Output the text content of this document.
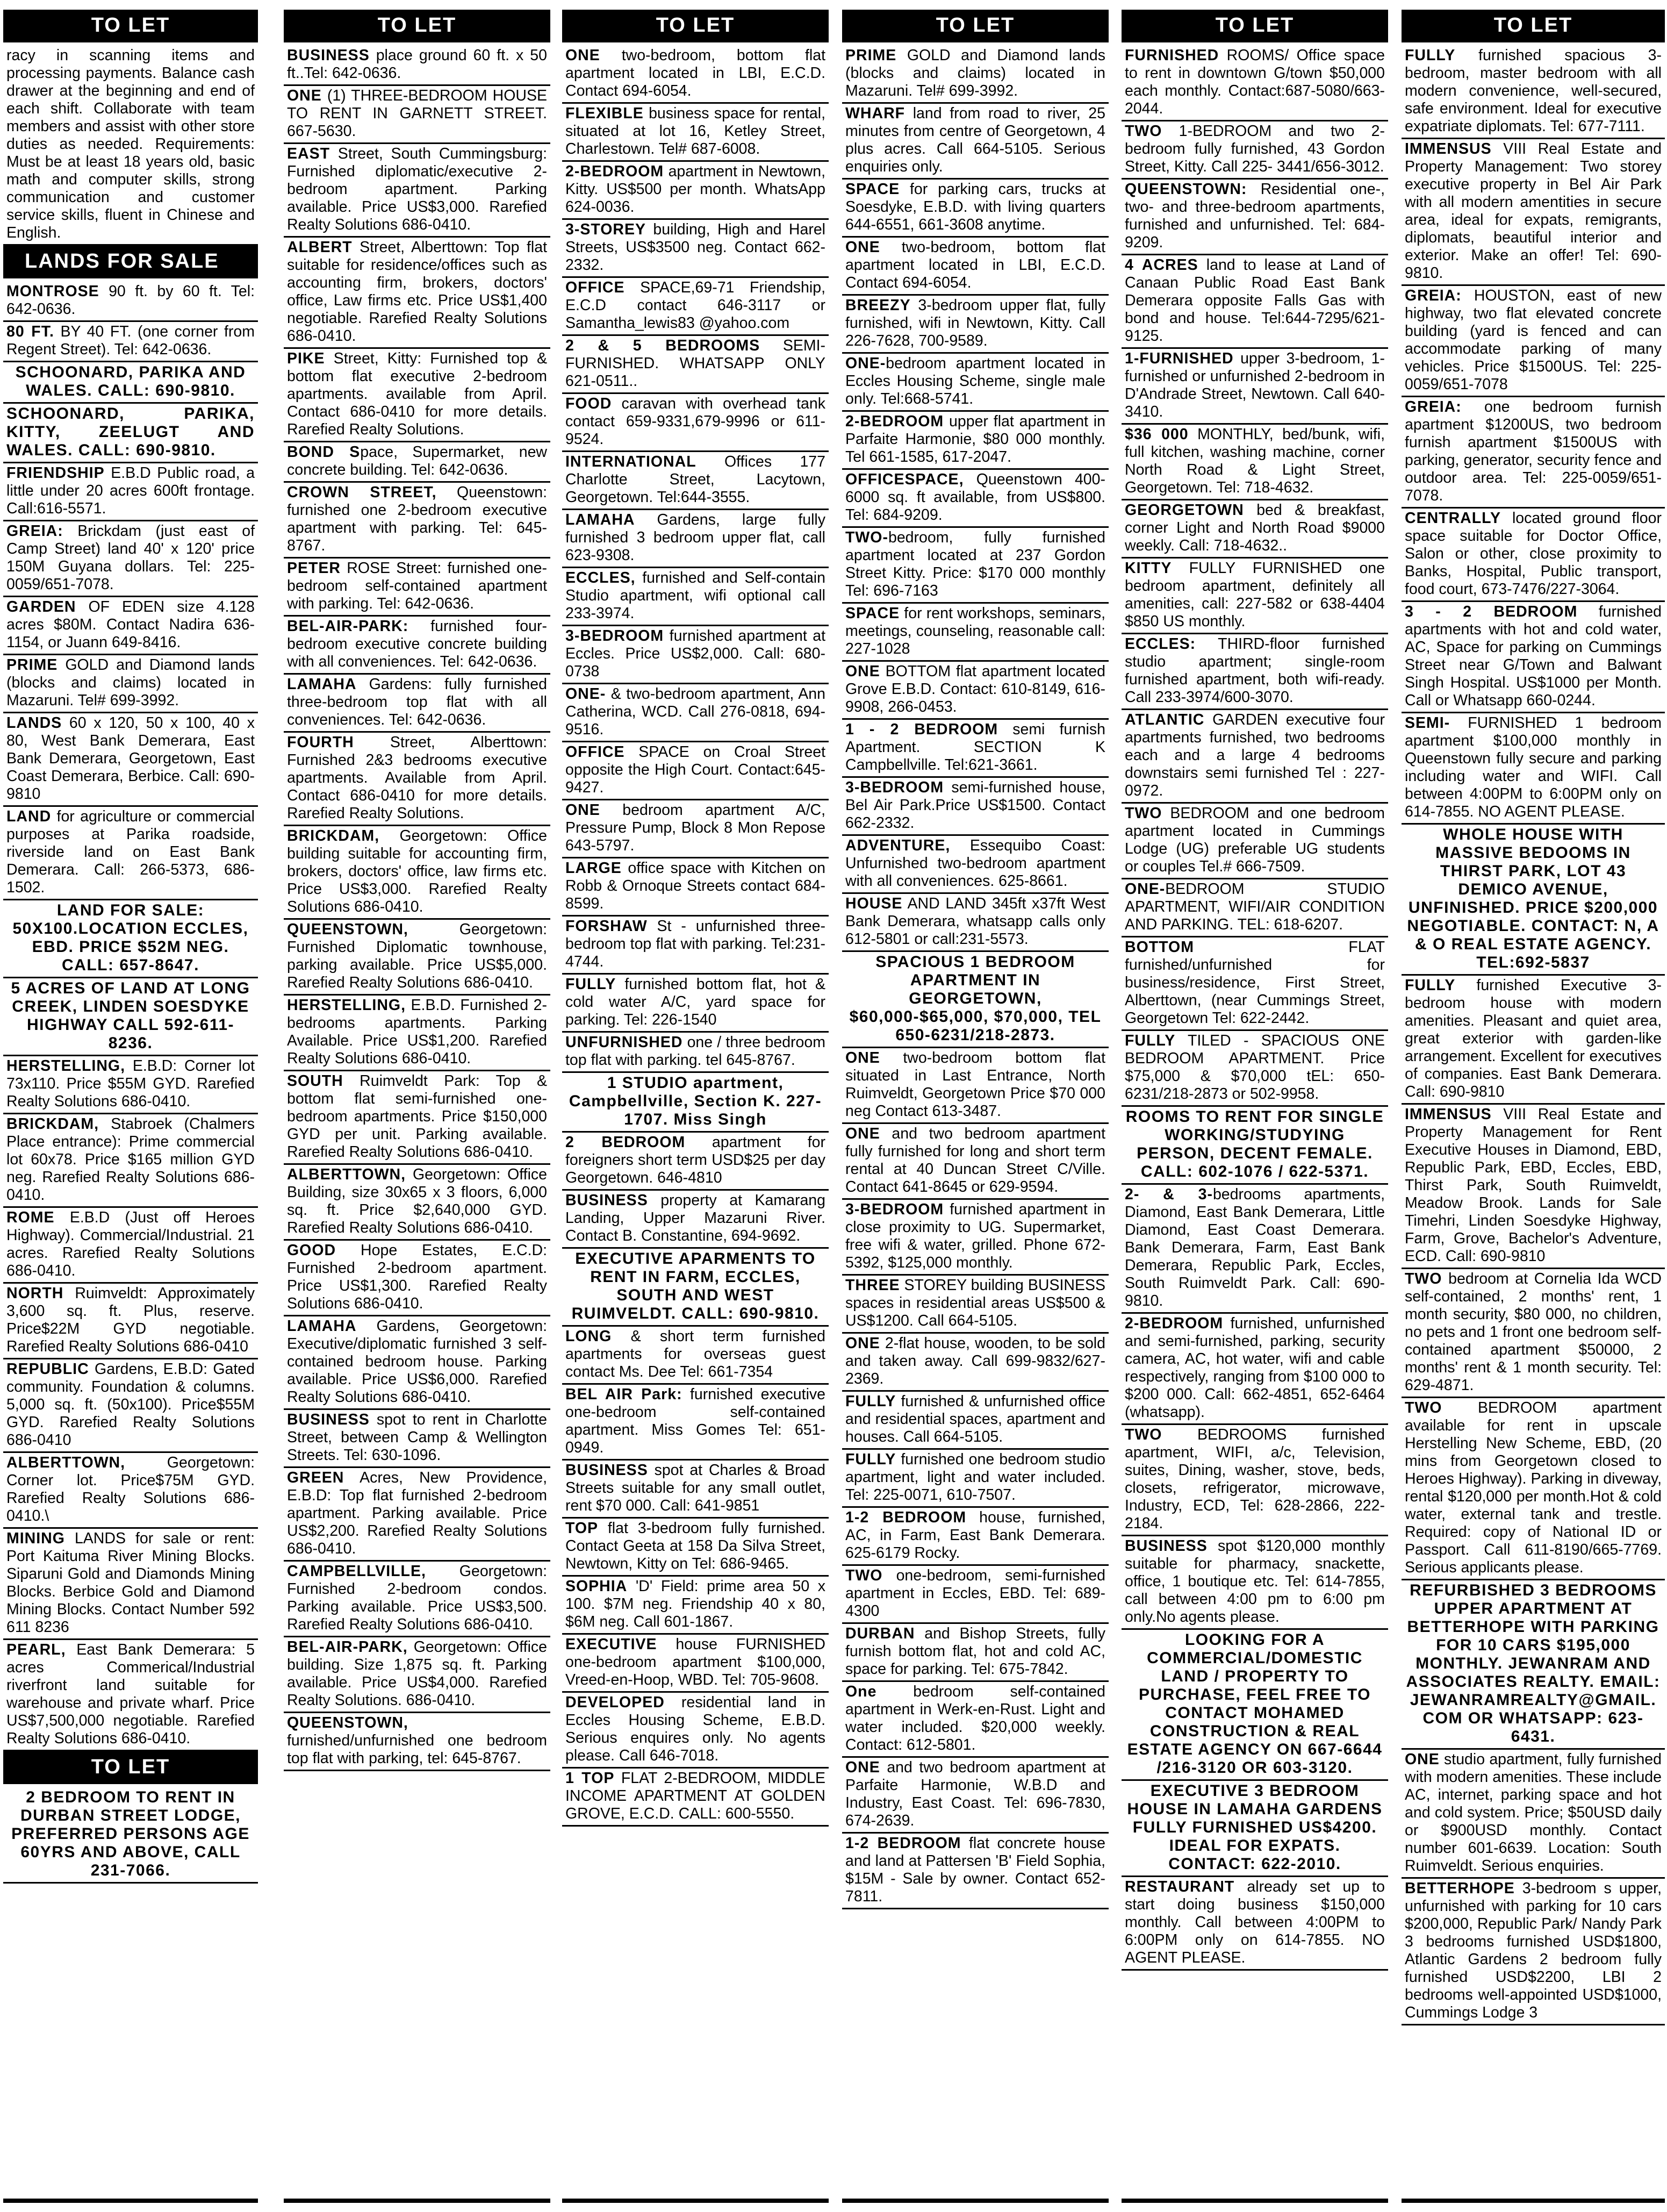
TO LET
racy in scanning items and processing payments. Balance cash drawer at the beginning and end of each shift. Collaborate with team members and assist with other store duties as needed. Requirements: Must be at least 18 years old, basic math and computer skills, strong communication and customer service skills, fluent in Chinese and English.
LANDS FOR SALE
MONTROSE 90 ft. by 60 ft. Tel: 642-0636.
80 FT. BY 40 FT. (one corner from Regent Street). Tel: 642-0636.
SCHOONARD, PARIKA AND WALES. CALL: 690-9810.
SCHOONARD, PARIKA, KITTY, ZEELUGT AND WALES. CALL: 690-9810.
FRIENDSHIP E.B.D Public road, a little under 20 acres 600ft frontage. Call:616-5571.
GREIA: Brickdam (just east of Camp Street) land 40' x 120' price 150M Guyana dollars. Tel: 225-0059/651-7078.
GARDEN OF EDEN size 4.128 acres $80M. Contact Nadira 636-1154, or Juann 649-8416.
PRIME GOLD and Diamond lands (blocks and claims) located in Mazaruni. Tel# 699-3992.
LANDS 60 x 120, 50 x 100, 40 x 80, West Bank Demerara, East Bank Demerara, Georgetown, East Coast Demerara, Berbice. Call: 690-9810
LAND for agriculture or commercial purposes at Parika roadside, riverside land on East Bank Demerara. Call: 266-5373, 686-1502.
LAND FOR SALE: 50X100.LOCATION ECCLES, EBD. PRICE $52M NEG. CALL: 657-8647.
5 ACRES OF LAND AT LONG CREEK, LINDEN SOESDYKE HIGHWAY CALL 592-611-8236.
HERSTELLING, E.B.D: Corner lot 73x110. Price $55M GYD. Rarefied Realty Solutions 686-0410.
BRICKDAM, Stabroek (Chalmers Place entrance): Prime commercial lot 60x78. Price $165 million GYD neg. Rarefied Realty Solutions 686-0410.
ROME E.B.D (Just off Heroes Highway). Commercial/Industrial. 21 acres. Rarefied Realty Solutions 686-0410.
NORTH Ruimveldt: Approximately 3,600 sq. ft. Plus, reserve. Price$22M GYD negotiable. Rarefied Realty Solutions 686-0410
REPUBLIC Gardens, E.B.D: Gated community. Foundation & columns. 5,000 sq. ft. (50x100). Price$55M GYD. Rarefied Realty Solutions 686-0410
ALBERTTOWN, Georgetown: Corner lot. Price$75M GYD. Rarefied Realty Solutions 686-0410.\
MINING LANDS for sale or rent: Port Kaituma River Mining Blocks. Siparuni Gold and Diamonds Mining Blocks. Berbice Gold and Diamond Mining Blocks. Contact Number 592 611 8236
PEARL, East Bank Demerara: 5 acres Commerical/Industrial riverfront land suitable for warehouse and private wharf. Price US$7,500,000 negotiable. Rarefied Realty Solutions 686-0410.
TO LET
2 BEDROOM TO RENT IN DURBAN STREET LODGE, PREFERRED PERSONS AGE 60YRS AND ABOVE, CALL 231-7066.
TO LET
BUSINESS place ground 60 ft. x 50 ft..Tel: 642-0636.
ONE (1) THREE-BEDROOM HOUSE TO RENT IN GARNETT STREET. 667-5630.
EAST Street, South Cummingsburg: Furnished diplomatic/executive 2-bedroom apartment. Parking available. Price US$3,000. Rarefied Realty Solutions 686-0410.
ALBERT Street, Alberttown: Top flat suitable for residence/offices such as accounting firm, brokers, doctors' office, Law firms etc. Price US$1,400 negotiable. Rarefied Realty Solutions 686-0410.
PIKE Street, Kitty: Furnished top & bottom flat executive 2-bedroom apartments. available from April. Contact 686-0410 for more details. Rarefied Realty Solutions.
BOND Space, Supermarket, new concrete building. Tel: 642-0636.
CROWN STREET, Queenstown: furnished one 2-bedroom executive apartment with parking. Tel: 645-8767.
PETER ROSE Street: furnished one-bedroom self-contained apartment with parking. Tel: 642-0636.
BEL-AIR-PARK: furnished four-bedroom executive concrete building with all conveniences. Tel: 642-0636.
LAMAHA Gardens: fully furnished three-bedroom top flat with all conveniences. Tel: 642-0636.
FOURTH Street, Alberttown: Furnished 2&3 bedrooms executive apartments. Available from April. Contact 686-0410 for more details. Rarefied Realty Solutions.
BRICKDAM, Georgetown: Office building suitable for accounting firm, brokers, doctors' office, law firms etc. Price US$3,000. Rarefied Realty Solutions 686-0410.
QUEENSTOWN, Georgetown: Furnished Diplomatic townhouse, parking available. Price US$5,000. Rarefied Realty Solutions 686-0410.
HERSTELLING, E.B.D. Furnished 2-bedrooms apartments. Parking Available. Price US$1,200. Rarefied Realty Solutions 686-0410.
SOUTH Ruimveldt Park: Top & bottom flat semi-furnished one-bedroom apartments. Price $150,000 GYD per unit. Parking available. Rarefied Realty Solutions 686-0410.
ALBERTTOWN, Georgetown: Office Building, size 30x65 x 3 floors, 6,000 sq. ft. Price $2,640,000 GYD. Rarefied Realty Solutions 686-0410.
GOOD Hope Estates, E.C.D: Furnished 2-bedroom apartment. Price US$1,300. Rarefied Realty Solutions 686-0410.
LAMAHA Gardens, Georgetown: Executive/diplomatic furnished 3 self-contained bedroom house. Parking available. Price US$6,000. Rarefied Realty Solutions 686-0410.
BUSINESS spot to rent in Charlotte Street, between Camp & Wellington Streets. Tel: 630-1096.
GREEN Acres, New Providence, E.B.D: Top flat furnished 2-bedroom apartment. Parking available. Price US$2,200. Rarefied Realty Solutions 686-0410.
CAMPBELLVILLE, Georgetown: Furnished 2-bedroom condos. Parking available. Price US$3,500. Rarefied Realty Solutions 686-0410.
BEL-AIR-PARK, Georgetown: Office building. Size 1,875 sq. ft. Parking available. Price US$4,000. Rarefied Realty Solutions. 686-0410.
QUEENSTOWN, furnished/unfurnished one bedroom top flat with parking, tel: 645-8767.
TO LET
ONE two-bedroom, bottom flat apartment located in LBI, E.C.D. Contact 694-6054.
FLEXIBLE business space for rental, situated at lot 16, Ketley Street, Charlestown. Tel# 687-6008.
2-BEDROOM apartment in Newtown, Kitty. US$500 per month. WhatsApp 624-0036.
3-STOREY building, High and Harel Streets, US$3500 neg. Contact 662-2332.
OFFICE SPACE,69-71 Friendship, E.C.D contact 646-3117 or Samantha_lewis83 @yahoo.com
2 & 5 BEDROOMS SEMI-FURNISHED. WHATSAPP ONLY 621-0511..
FOOD caravan with overhead tank contact 659-9331,679-9996 or 611-9524.
INTERNATIONAL Offices 177 Charlotte Street, Lacytown, Georgetown. Tel:644-3555.
LAMAHA Gardens, large fully furnished 3 bedroom upper flat, call 623-9308.
ECCLES, furnished and Self-contain Studio apartment, wifi optional call 233-3974.
3-BEDROOM furnished apartment at Eccles. Price US$2,000. Call: 680-0738
ONE- & two-bedroom apartment, Ann Catherina, WCD. Call 276-0818, 694-9516.
OFFICE SPACE on Croal Street opposite the High Court. Contact:645-9427.
ONE bedroom apartment A/C, Pressure Pump, Block 8 Mon Repose 643-5797.
LARGE office space with Kitchen on Robb & Ornoque Streets contact 684-8599.
FORSHAW St - unfurnished three-bedroom top flat with parking. Tel:231-4744.
FULLY furnished bottom flat, hot & cold water A/C, yard space for parking. Tel: 226-1540
UNFURNISHED one / three bedroom top flat with parking. tel 645-8767.
1 STUDIO apartment, Campbellville, Section K. 227-1707. Miss Singh
2 BEDROOM apartment for foreigners short term USD$25 per day Georgetown. 646-4810
BUSINESS property at Kamarang Landing, Upper Mazaruni River. Contact B. Constantine, 694-9692.
EXECUTIVE APARMENTS TO RENT IN FARM, ECCLES, SOUTH AND WEST RUIMVELDT. CALL: 690-9810.
LONG & short term furnished apartments for overseas guest contact Ms. Dee Tel: 661-7354
BEL AIR Park: furnished executive one-bedroom self-contained apartment. Miss Gomes Tel: 651-0949.
BUSINESS spot at Charles & Broad Streets suitable for any small outlet, rent $70 000. Call: 641-9851
TOP flat 3-bedroom fully furnished. Contact Geeta at 158 Da Silva Street, Newtown, Kitty on Tel: 686-9465.
SOPHIA 'D' Field: prime area 50 x 100. $7M neg. Friendship 40 x 80, $6M neg. Call 601-1867.
EXECUTIVE house FURNISHED one-bedroom apartment $100,000, Vreed-en-Hoop, WBD. Tel: 705-9608.
DEVELOPED residential land in Eccles Housing Scheme, E.B.D. Serious enquires only. No agents please. Call 646-7018.
1 TOP FLAT 2-BEDROOM, MIDDLE INCOME APARTMENT AT GOLDEN GROVE, E.C.D. CALL: 600-5550.
TO LET
PRIME GOLD and Diamond lands (blocks and claims) located in Mazaruni. Tel# 699-3992.
WHARF land from road to river, 25 minutes from centre of Georgetown, 4 plus acres. Call 664-5105. Serious enquiries only.
SPACE for parking cars, trucks at Soesdyke, E.B.D. with living quarters 644-6551, 661-3608 anytime.
ONE two-bedroom, bottom flat apartment located in LBI, E.C.D. Contact 694-6054.
BREEZY 3-bedroom upper flat, fully furnished, wifi in Newtown, Kitty. Call 226-7628, 700-9589.
ONE-bedroom apartment located in Eccles Housing Scheme, single male only. Tel:668-5741.
2-BEDROOM upper flat apartment in Parfaite Harmonie, $80 000 monthly. Tel 661-1585, 617-2047.
OFFICESPACE, Queenstown 400-6000 sq. ft available, from US$800. Tel: 684-9209.
TWO-bedroom, fully furnished apartment located at 237 Gordon Street Kitty. Price: $170 000 monthly Tel: 696-7163
SPACE for rent workshops, seminars, meetings, counseling, reasonable call: 227-1028
ONE BOTTOM flat apartment located Grove E.B.D. Contact: 610-8149, 616-9908, 266-0453.
1 - 2 BEDROOM semi furnish Apartment. SECTION K Campbellville. Tel:621-3661.
3-BEDROOM semi-furnished house, Bel Air Park.Price US$1500. Contact 662-2332.
ADVENTURE, Essequibo Coast: Unfurnished two-bedroom apartment with all conveniences. 625-8661.
HOUSE AND LAND 345ft x37ft West Bank Demerara, whatsapp calls only 612-5801 or call:231-5573.
SPACIOUS 1 BEDROOM APARTMENT IN GEORGETOWN, $60,000-$65,000, $70,000, TEL 650-6231/218-2873.
ONE two-bedroom bottom flat situated in Last Entrance, North Ruimveldt, Georgetown Price $70 000 neg Contact 613-3487.
ONE and two bedroom apartment fully furnished for long and short term rental at 40 Duncan Street C/Ville. Contact 641-8645 or 629-9594.
3-BEDROOM furnished apartment in close proximity to UG. Supermarket, free wifi & water, grilled. Phone 672-5392, $125,000 monthly.
THREE STOREY building BUSINESS spaces in residential areas US$500 & US$1200. Call 664-5105.
ONE 2-flat house, wooden, to be sold and taken away. Call 699-9832/627-2369.
FULLY furnished & unfurnished office and residential spaces, apartment and houses. Call 664-5105.
FULLY furnished one bedroom studio apartment, light and water included. Tel: 225-0071, 610-7507.
1-2 BEDROOM house, furnished, AC, in Farm, East Bank Demerara. 625-6179 Rocky.
TWO one-bedroom, semi-furnished apartment in Eccles, EBD. Tel: 689-4300
DURBAN and Bishop Streets, fully furnish bottom flat, hot and cold AC, space for parking. Tel: 675-7842.
One bedroom self-contained apartment in Werk-en-Rust. Light and water included. $20,000 weekly. Contact: 612-5801.
ONE and two bedroom apartment at Parfaite Harmonie, W.B.D and Industry, East Coast. Tel: 696-7830, 674-2639.
1-2 BEDROOM flat concrete house and land at Pattersen 'B' Field Sophia, $15M - Sale by owner. Contact 652-7811.
TO LET
FURNISHED ROOMS/ Office space to rent in downtown G/town $50,000 each monthly. Contact:687-5080/663-2044.
TWO 1-BEDROOM and two 2-bedroom fully furnished, 43 Gordon Street, Kitty. Call 225- 3441/656-3012.
QUEENSTOWN: Residential one-, two- and three-bedroom apartments, furnished and unfurnished. Tel: 684-9209.
4 ACRES land to lease at Land of Canaan Public Road East Bank Demerara opposite Falls Gas with bond and house. Tel:644-7295/621-9125.
1-FURNISHED upper 3-bedroom, 1-furnished or unfurnished 2-bedroom in D'Andrade Street, Newtown. Call 640-3410.
$36 000 MONTHLY, bed/bunk, wifi, full kitchen, washing machine, corner North Road & Light Street, Georgetown. Tel: 718-4632.
GEORGETOWN bed & breakfast, corner Light and North Road $9000 weekly. Call: 718-4632..
KITTY FULLY FURNISHED one bedroom apartment, definitely all amenities, call: 227-582 or 638-4404 $850 US monthly.
ECCLES: THIRD-floor furnished studio apartment; single-room furnished apartment, both wifi-ready. Call 233-3974/600-3070.
ATLANTIC GARDEN executive four apartments furnished, two bedrooms each and a large 4 bedrooms downstairs semi furnished Tel : 227-0972.
TWO BEDROOM and one bedroom apartment located in Cummings Lodge (UG) preferable UG students or couples Tel.# 666-7509.
ONE-BEDROOM STUDIO APARTMENT, WIFI/AIR CONDITION AND PARKING. TEL: 618-6207.
BOTTOM FLAT furnished/unfurnished for business/residence, First Street, Alberttown, (near Cummings Street, Georgetown Tel: 622-2442.
FULLY TILED - SPACIOUS ONE BEDROOM APARTMENT. Price $75,000 & $70,000 tEL: 650-6231/218-2873 or 502-9958.
ROOMS TO RENT FOR SINGLE WORKING/STUDYING PERSON, DECENT FEMALE. CALL: 602-1076 / 622-5371.
2- & 3-bedrooms apartments, Diamond, East Bank Demerara, Little Diamond, East Coast Demerara. Bank Demerara, Farm, East Bank Demerara, Republic Park, Eccles, South Ruimveldt Park. Call: 690-9810.
2-BEDROOM furnished, unfurnished and semi-furnished, parking, security camera, AC, hot water, wifi and cable respectively, ranging from $100 000 to $200 000. Call: 662-4851, 652-6464 (whatsapp).
TWO BEDROOMS furnished apartment, WIFI, a/c, Television, suites, Dining, washer, stove, beds, closets, refrigerator, microwave, Industry, ECD, Tel: 628-2866, 222-2184.
BUSINESS spot $120,000 monthly suitable for pharmacy, snackette, office, 1 boutique etc. Tel: 614-7855, call between 4:00 pm to 6:00 pm only.No agents please.
LOOKING FOR A COMMERCIAL/DOMESTIC LAND / PROPERTY TO PURCHASE, FEEL FREE TO CONTACT MOHAMED CONSTRUCTION & REAL ESTATE AGENCY ON 667-6644 /216-3120 OR 603-3120.
EXECUTIVE 3 BEDROOM HOUSE IN LAMAHA GARDENS FULLY FURNISHED US$4200. IDEAL FOR EXPATS. CONTACT: 622-2010.
RESTAURANT already set up to start doing business $150,000 monthly. Call between 4:00PM to 6:00PM only on 614-7855. NO AGENT PLEASE.
TO LET
FULLY furnished spacious 3-bedroom, master bedroom with all modern convenience, well-secured, safe environment. Ideal for executive expatriate diplomats. Tel: 677-7111.
IMMENSUS VIII Real Estate and Property Management: Two storey executive property in Bel Air Park with all modern amentities in secure area, ideal for expats, remigrants, diplomats, beautiful interior and exterior. Make an offer! Tel: 690-9810.
GREIA: HOUSTON, east of new highway, two flat elevated concrete building (yard is fenced and can accommodate parking of many vehicles. Price $1500US. Tel: 225-0059/651-7078
GREIA: one bedroom furnish apartment $1200US, two bedroom furnish apartment $1500US with parking, generator, security fence and outdoor area. Tel: 225-0059/651-7078.
CENTRALLY located ground floor space suitable for Doctor Office, Salon or other, close proximity to Banks, Hospital, Public transport, food court, 673-7476/227-3064.
3 - 2 BEDROOM furnished apartments with hot and cold water, AC, Space for parking on Cummings Street near G/Town and Balwant Singh Hospital. US$1000 per Month. Call or Whatsapp 660-0244.
SEMI- FURNISHED 1 bedroom apartment $100,000 monthly in Queenstown fully secure and parking including water and WIFI. Call between 4:00PM to 6:00PM only on 614-7855. NO AGENT PLEASE.
WHOLE HOUSE WITH MASSIVE BEDOOMS IN THIRST PARK, LOT 43 DEMICO AVENUE, UNFINISHED. PRICE $200,000 NEGOTIABLE. CONTACT: N, A & O REAL ESTATE AGENCY. TEL:692-5837
FULLY furnished Executive 3- bedroom house with modern amenities. Pleasant and quiet area, great exterior with garden-like arrangement. Excellent for executives of companies. East Bank Demerara. Call: 690-9810
IMMENSUS VIII Real Estate and Property Management for Rent Executive Houses in Diamond, EBD, Republic Park, EBD, Eccles, EBD, Thirst Park, South Ruimveldt, Meadow Brook. Lands for Sale Timehri, Linden Soesdyke Highway, Farm, Grove, Bachelor's Adventure, ECD. Call: 690-9810
TWO bedroom at Cornelia Ida WCD self-contained, 2 months' rent, 1 month security, $80 000, no children, no pets and 1 front one bedroom self-contained apartment $50000, 2 months' rent & 1 month security. Tel: 629-4871.
TWO BEDROOM apartment available for rent in upscale Herstelling New Scheme, EBD, (20 mins from Georgetown closed to Heroes Highway). Parking in diveway, rental $120,000 per month.Hot & cold water, external tank and trestle. Required: copy of National ID or Passport. Call 611-8190/665-7769. Serious applicants please.
REFURBISHED 3 BEDROOMS UPPER APARTMENT AT BETTERHOPE WITH PARKING FOR 10 CARS $195,000 MONTHLY. JEWANRAM AND ASSOCIATES REALTY. EMAIL: JEWANRAMREALTY@GMAIL.COM OR WHATSAPP: 623-6431.
ONE studio apartment, fully furnished with modern amenities. These include AC, internet, parking space and hot and cold system. Price; $50USD daily or $900USD monthly. Contact number 601-6639. Location: South Ruimveldt. Serious enquiries.
BETTERHOPE 3-bedroom s upper, unfurnished with parking for 10 cars $200,000, Republic Park/ Nandy Park 3 bedrooms furnished USD$1800, Atlantic Gardens 2 bedroom fully furnished USD$2200, LBI 2 bedrooms well-appointed USD$1000, Cummings Lodge 3
